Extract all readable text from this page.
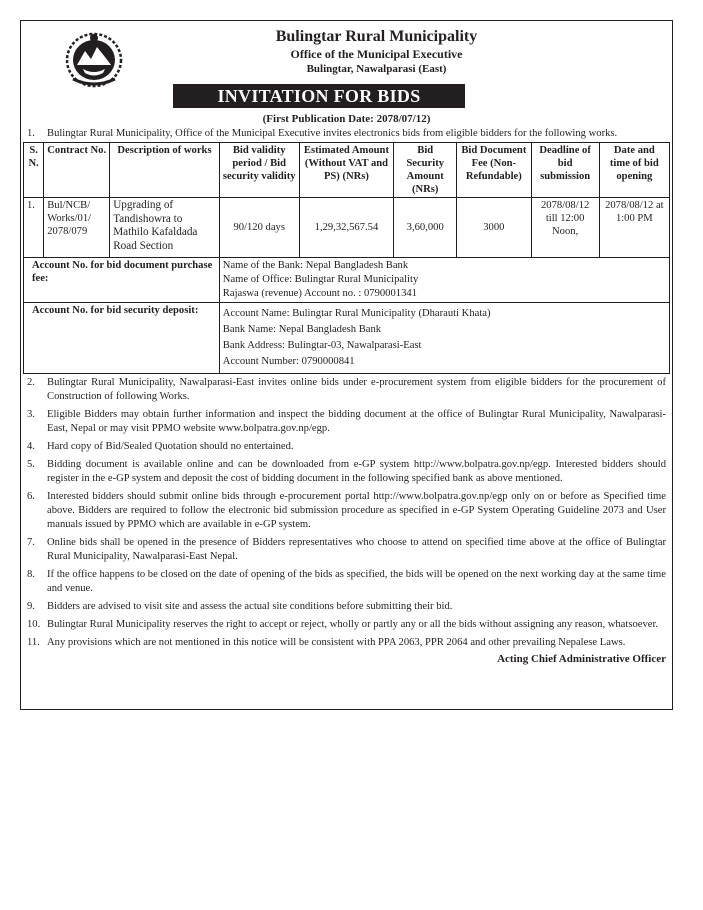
Bulingtar Rural Municipality
Office of the Municipal Executive
Bulingtar, Nawalparasi (East)
INVITATION FOR BIDS
(First Publication Date: 2078/07/12)
1.	Bulingtar Rural Municipality, Office of the Municipal Executive invites electronics bids from eligible bidders for the following works.
S. N.	Contract No.	Description of works	Bid validity period / Bid security validity	Estimated Amount (Without VAT and PS) (NRs)	Bid Security Amount (NRs)	Bid Document Fee (Non-Refundable)	Deadline of bid submission	Date and time of bid opening
1.	Bul/NCB/ Works/01/ 2078/079	Upgrading of Tandishowra to Mathilo Kafaldada Road Section	90/120 days	1,29,32,567.54	3,60,000	3000	2078/08/12 till 12:00 Noon,	2078/08/12 at 1:00 PM
Account No. for bid document purchase fee:			Name of the Bank: Nepal Bangladesh Bank
Name of Office: Bulingtar Rural Municipality
Rajaswa (revenue) Account no. : 0790001341					

Account No. for bid security deposit:			Account Name: Bulingtar Rural Municipality (Dharauti Khata)
Bank Name: Nepal Bangladesh Bank
Bank Address: Bulingtar-03, Nawalparasi-East
Account Number: 0790000841					
2.	Bulingtar Rural Municipality, Nawalparasi-East invites online bids under e-procurement system from eligible bidders for the procurement of Construction of following Works.
3.	Eligible Bidders may obtain further information and inspect the bidding document at the office of Bulingtar Rural Municipality, Nawalparasi-East, Nepal or may visit PPMO website www.bolpatra.gov.np/egp.
4.	Hard copy of Bid/Sealed Quotation should no entertained.
5.	Bidding document is available online and can be downloaded from e-GP system http://www.bolpatra.gov.np/egp. Interested bidders should register in the e-GP system and deposit the cost of bidding document in the following specified bank as above mentioned.
6.	Interested bidders should submit online bids through e-procurement portal http://www.bolpatra.gov.np/egp only on or before as Specified time above. Bidders are required to follow the electronic bid submission procedure as specified in e-GP System Operating Guideline 2073 and User manuals issued by PPMO which are available in e-GP system.
7.	Online bids shall be opened in the presence of Bidders representatives who choose to attend on specified time above at the office of Bulingtar Rural Municipality, Nawalparasi-East Nepal.
8.	If the office happens to be closed on the date of opening of the bids as specified, the bids will be opened on the next working day at the same time and venue.
9.	Bidders are advised to visit site and assess the actual site conditions before submitting their bid.
10. Bulingtar Rural Municipality reserves the right to accept or reject, wholly or partly any or all the bids without assigning any reason, whatsoever.
11. Any provisions which are not mentioned in this notice will be consistent with PPA 2063, PPR 2064 and other prevailing Nepalese Laws.
Acting Chief Administrative Officer
